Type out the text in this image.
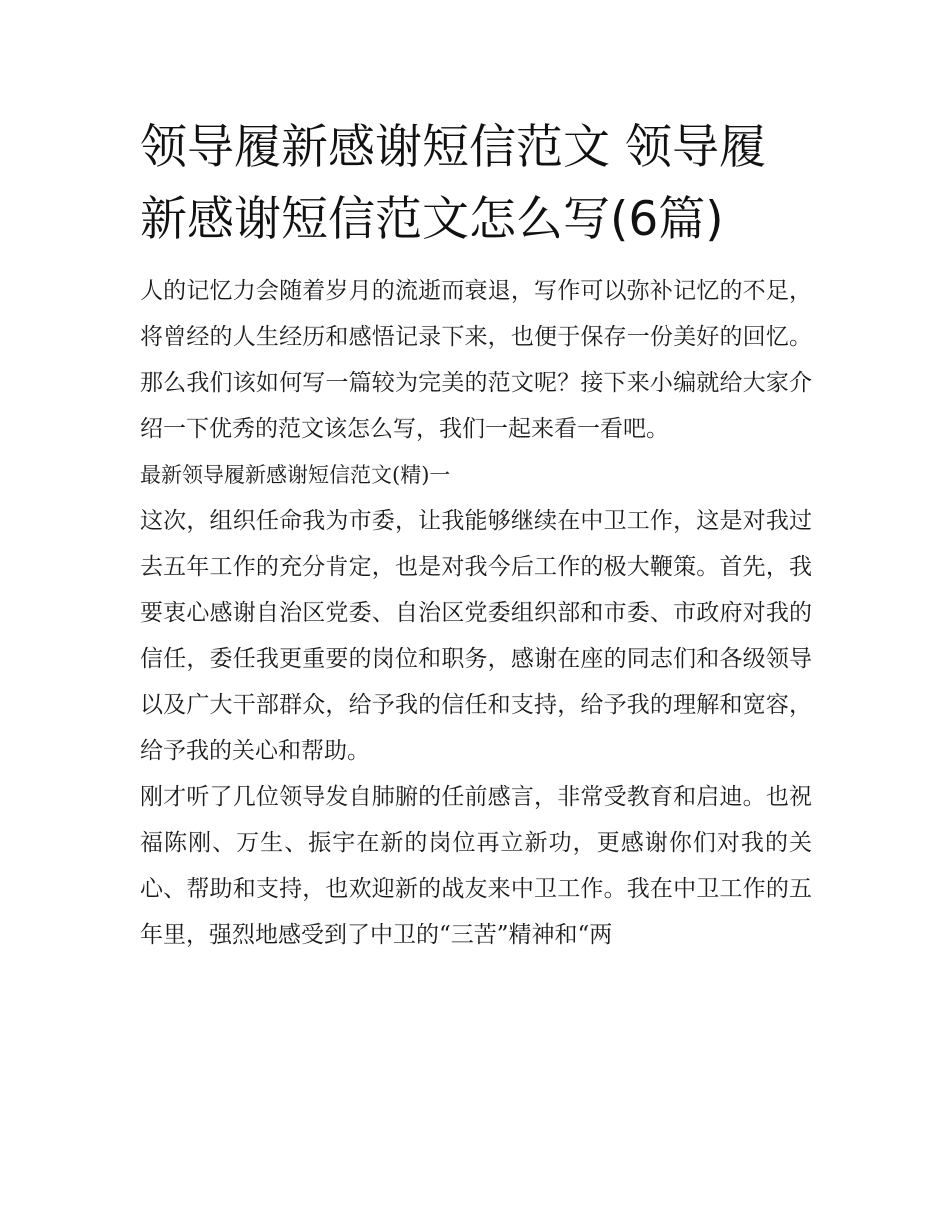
领导履新感谢短信范文 领导履新感谢短信范文怎么写(6篇)

人的记忆力会随着岁月的流逝而衰退，写作可以弥补记忆的不足，将曾经的人生经历和感悟记录下来，也便于保存一份美好的回忆。那么我们该如何写一篇较为完美的范文呢？接下来小编就给大家介绍一下优秀的范文该怎么写，我们一起来看一看吧。

最新领导履新感谢短信范文(精)一

这次，组织任命我为市委，让我能够继续在中卫工作，这是对我过去五年工作的充分肯定，也是对我今后工作的极大鞭策。首先，我要衷心感谢自治区党委、自治区党委组织部和市委、市政府对我的信任，委任我更重要的岗位和职务，感谢在座的同志们和各级领导以及广大干部群众，给予我的信任和支持，给予我的理解和宽容，给予我的关心和帮助。

刚才听了几位领导发自肺腑的任前感言，非常受教育和启迪。也祝福陈刚、万生、振宇在新的岗位再立新功，更感谢你们对我的关心、帮助和支持，也欢迎新的战友来中卫工作。我在中卫工作的五年里，强烈地感受到了中卫的“三苦”精神和“两
